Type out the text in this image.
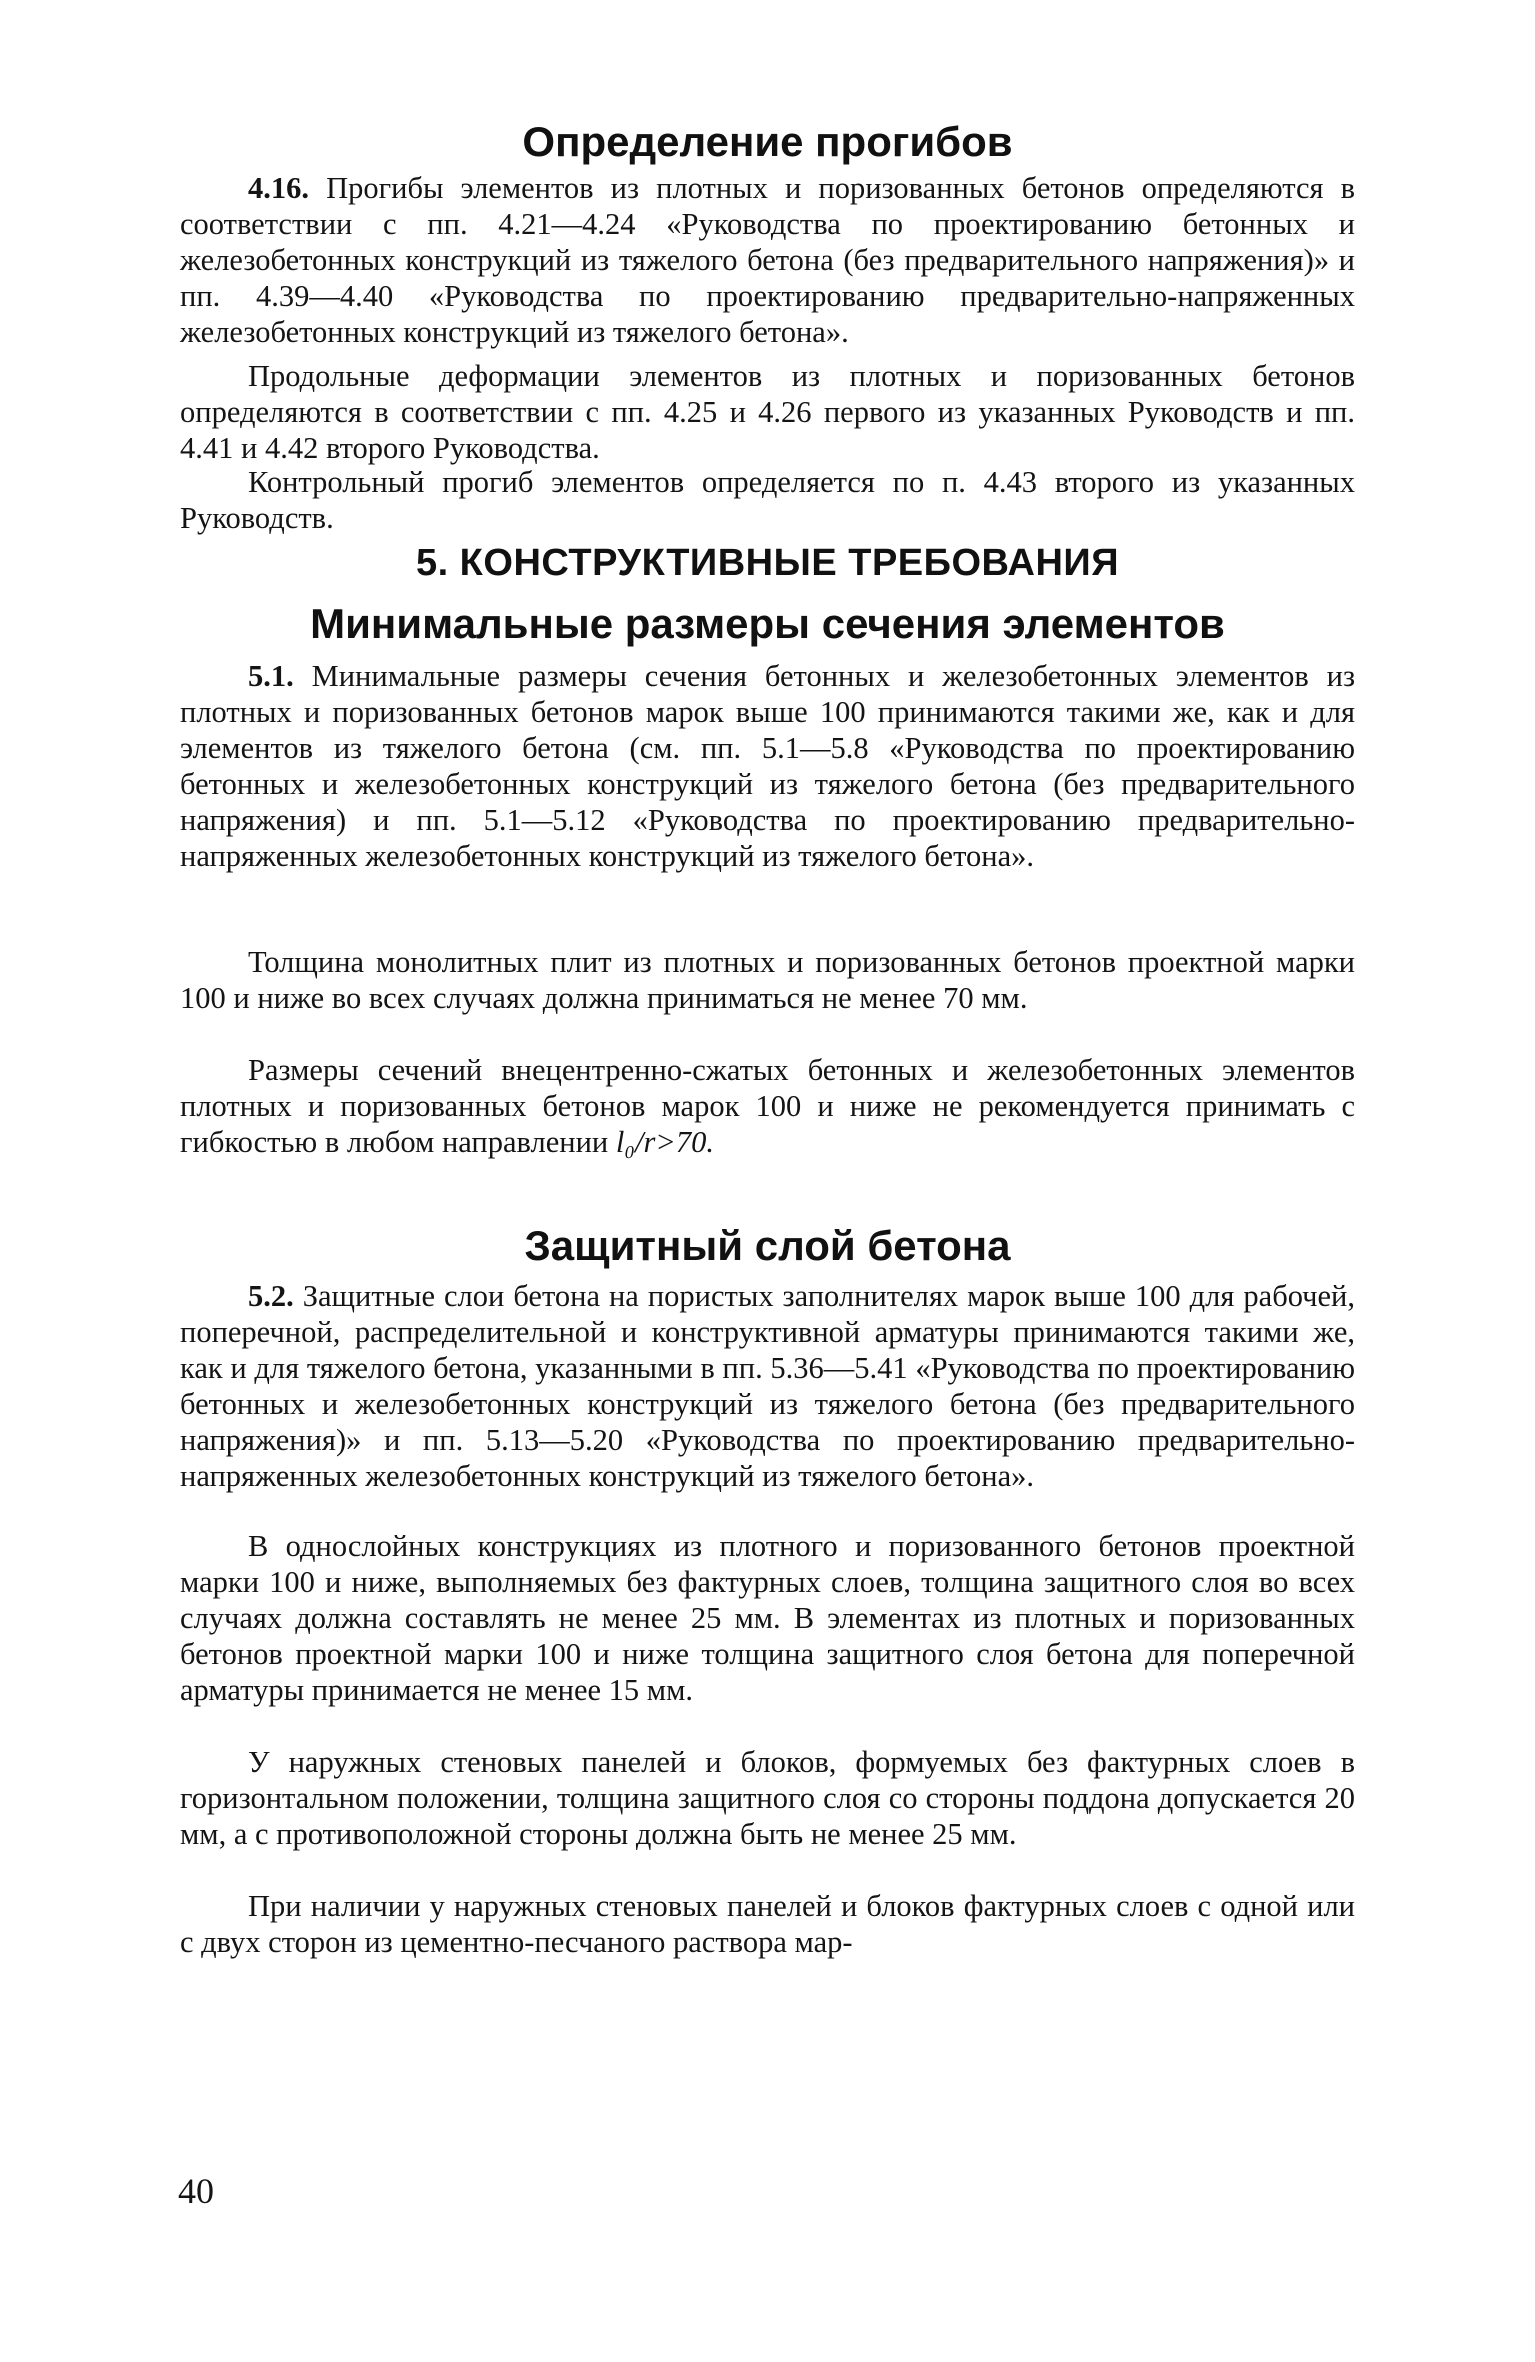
Определение прогибов

4.16. Прогибы элементов из плотных и поризованных бетонов определяются в соответствии с пп. 4.21—4.24 «Руководства по проектированию бетонных и железобетонных конструкций из тяжелого бетона (без предварительного напряжения)» и пп. 4.39—4.40 «Руководства по проектированию предварительно-напряженных железобетонных конструкций из тяжелого бетона».

Продольные деформации элементов из плотных и поризованных бетонов определяются в соответствии с пп. 4.25 и 4.26 первого из указанных Руководств и пп. 4.41 и 4.42 второго Руководства.

Контрольный прогиб элементов определяется по п. 4.43 второго из указанных Руководств.

5. КОНСТРУКТИВНЫЕ ТРЕБОВАНИЯ
Минимальные размеры сечения элементов

5.1. Минимальные размеры сечения бетонных и железобетонных элементов из плотных и поризованных бетонов марок выше 100 принимаются такими же, как и для элементов из тяжелого бетона (см. пп. 5.1—5.8 «Руководства по проектированию бетонных и железобетонных конструкций из тяжелого бетона (без предварительного напряжения) и пп. 5.1—5.12 «Руководства по проектированию предварительно-напряженных железобетонных конструкций из тяжелого бетона».

Толщина монолитных плит из плотных и поризованных бетонов проектной марки 100 и ниже во всех случаях должна приниматься не менее 70 мм.

Размеры сечений внецентренно-сжатых бетонных и железобетонных элементов плотных и поризованных бетонов марок 100 и ниже не рекомендуется принимать с гибкостью в любом направлении l₀/r>70.

Защитный слой бетона

5.2. Защитные слои бетона на пористых заполнителях марок выше 100 для рабочей, поперечной, распределительной и конструктивной арматуры принимаются такими же, как и для тяжелого бетона, указанными в пп. 5.36—5.41 «Руководства по проектированию бетонных и железобетонных конструкций из тяжелого бетона (без предварительного напряжения)» и пп. 5.13—5.20 «Руководства по проектированию предварительно-напряженных железобетонных конструкций из тяжелого бетона».

В однослойных конструкциях из плотного и поризованного бетонов проектной марки 100 и ниже, выполняемых без фактурных слоев, толщина защитного слоя во всех случаях должна составлять не менее 25 мм. В элементах из плотных и поризованных бетонов проектной марки 100 и ниже толщина защитного слоя бетона для поперечной арматуры принимается не менее 15 мм.

У наружных стеновых панелей и блоков, формуемых без фактурных слоев в горизонтальном положении, толщина защитного слоя со стороны поддона допускается 20 мм, а с противоположной стороны должна быть не менее 25 мм.

При наличии у наружных стеновых панелей и блоков фактурных слоев с одной или с двух сторон из цементно-песчаного раствора мар-

40
